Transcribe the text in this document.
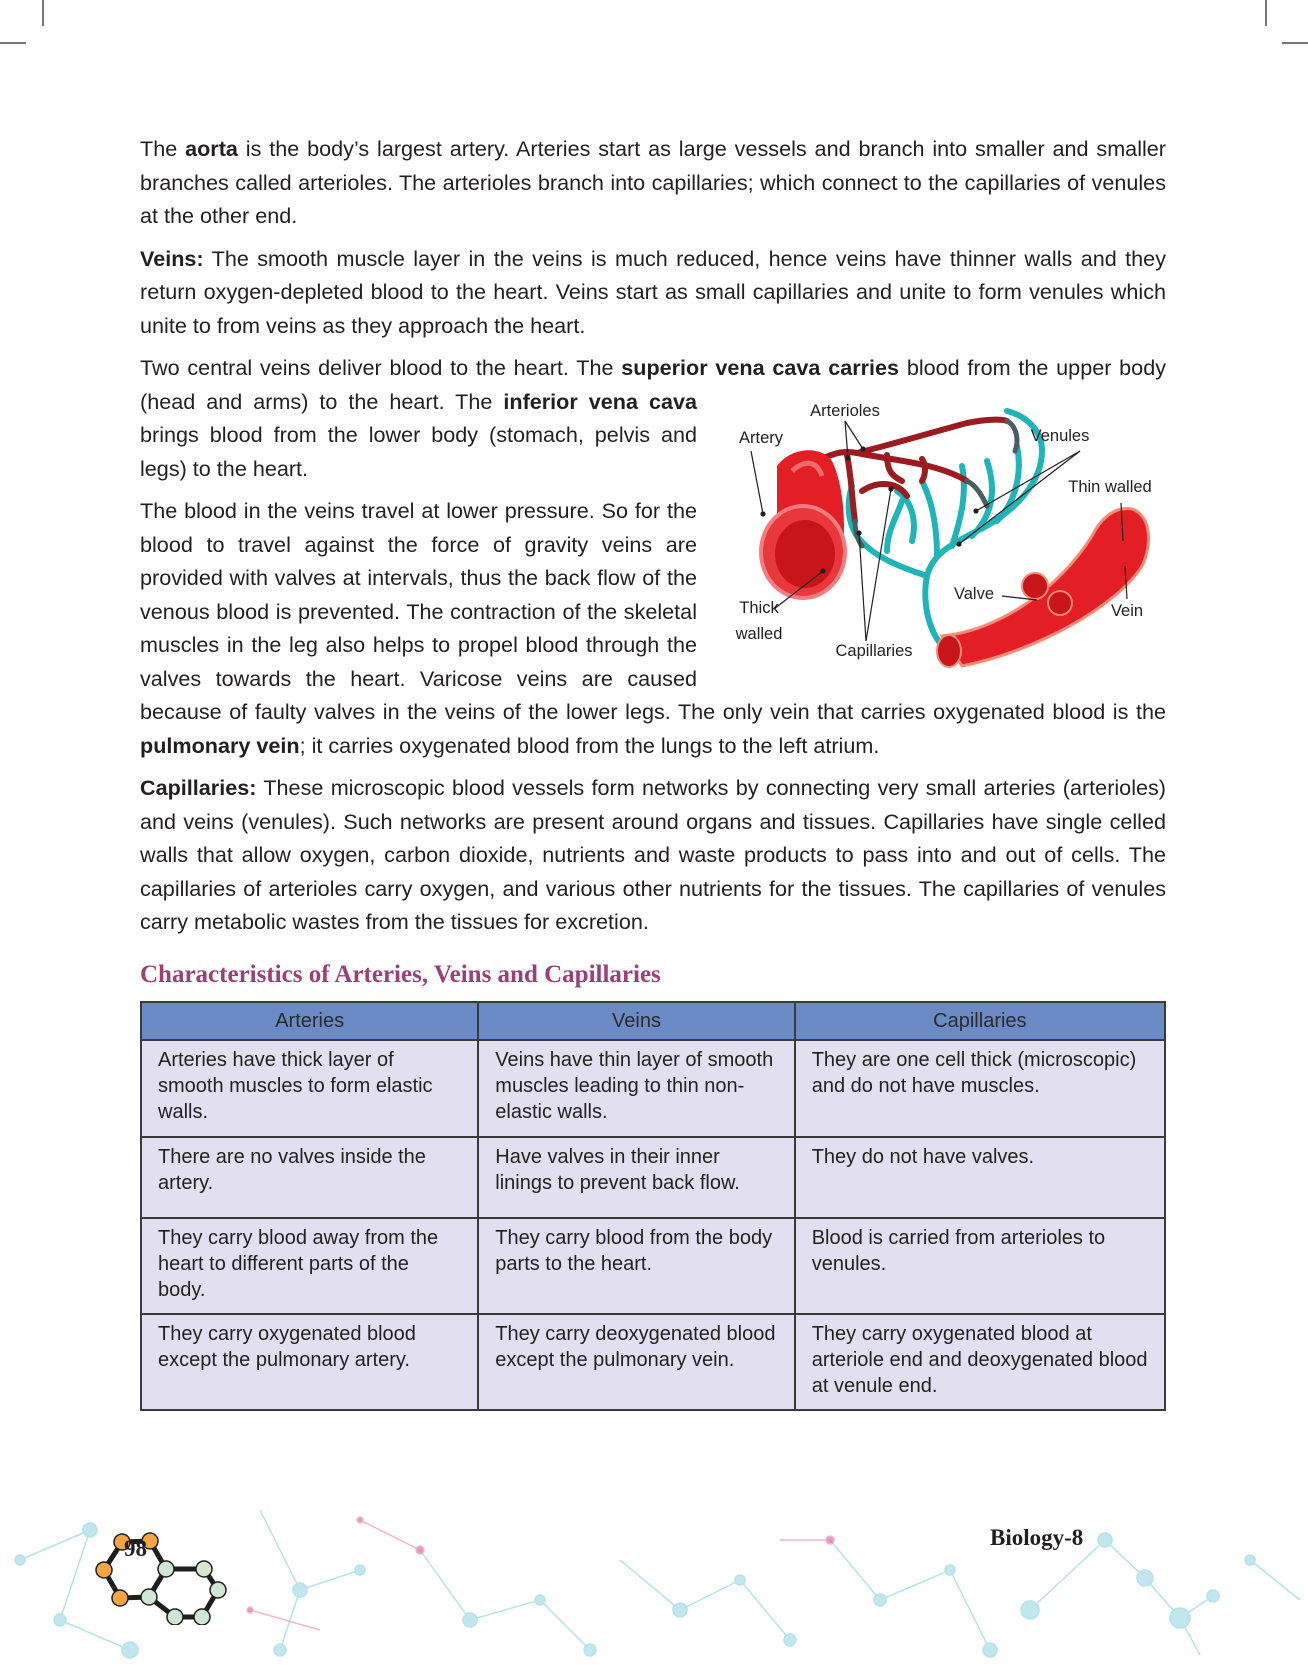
98	Biology-8

The aorta is the body’s largest artery. Arteries start as large vessels and branch into smaller and smaller branches called arterioles. The arterioles branch into capillaries; which connect to the capillaries of venules at the other end.

Veins: The smooth muscle layer in the veins is much reduced, hence veins have thinner walls and they return oxygen-depleted blood to the heart. Veins start as small capillaries and unite to form venules which unite to from veins as they approach the heart.

Arterioles
Artery	Venules
Thin walled
Valve
Vein
Thick
walled
Capillaries

Two central veins deliver blood to the heart. The superior vena cava carries blood from the upper body (head and arms) to the heart. The inferior vena cava brings blood from the lower body (stomach, pelvis and legs) to the heart.

The blood in the veins travel at lower pressure. So for the blood to travel against the force of gravity veins are provided with valves at intervals, thus the back flow of the venous blood is prevented. The contraction of the skeletal muscles in the leg also helps to propel blood through the valves towards the heart. Varicose veins are caused because of faulty valves in the veins of the lower legs. The only vein that carries oxygenated blood is the pulmonary vein; it carries oxygenated blood from the lungs to the left atrium.

Capillaries: These microscopic blood vessels form networks by connecting very small arteries (arterioles) and veins (venules). Such networks are present around organs and tissues. Capillaries have single celled walls that allow oxygen, carbon dioxide, nutrients and waste products to pass into and out of cells. The capillaries of arterioles carry oxygen, and various other nutrients for the tissues. The capillaries of venules carry metabolic wastes from the tissues for excretion.

Characteristics of Arteries, Veins and Capillaries
Arteries	Veins	Capillaries
Arteries have thick layer of smooth muscles to form elastic walls.	Veins have thin layer of smooth muscles leading to thin non-elastic walls.	They are one cell thick (microscopic) and do not have muscles.
There are no valves inside the artery.	Have valves in their inner linings to prevent back flow.	They do not have valves.
They carry blood away from the heart to different parts of the body.	They carry blood from the body parts to the heart.	Blood is carried from arterioles to venules.
They carry oxygenated blood except the pulmonary artery.	They carry deoxygenated blood except the pulmonary vein.	They carry oxygenated blood at arteriole end and deoxygenated blood at venule end.
